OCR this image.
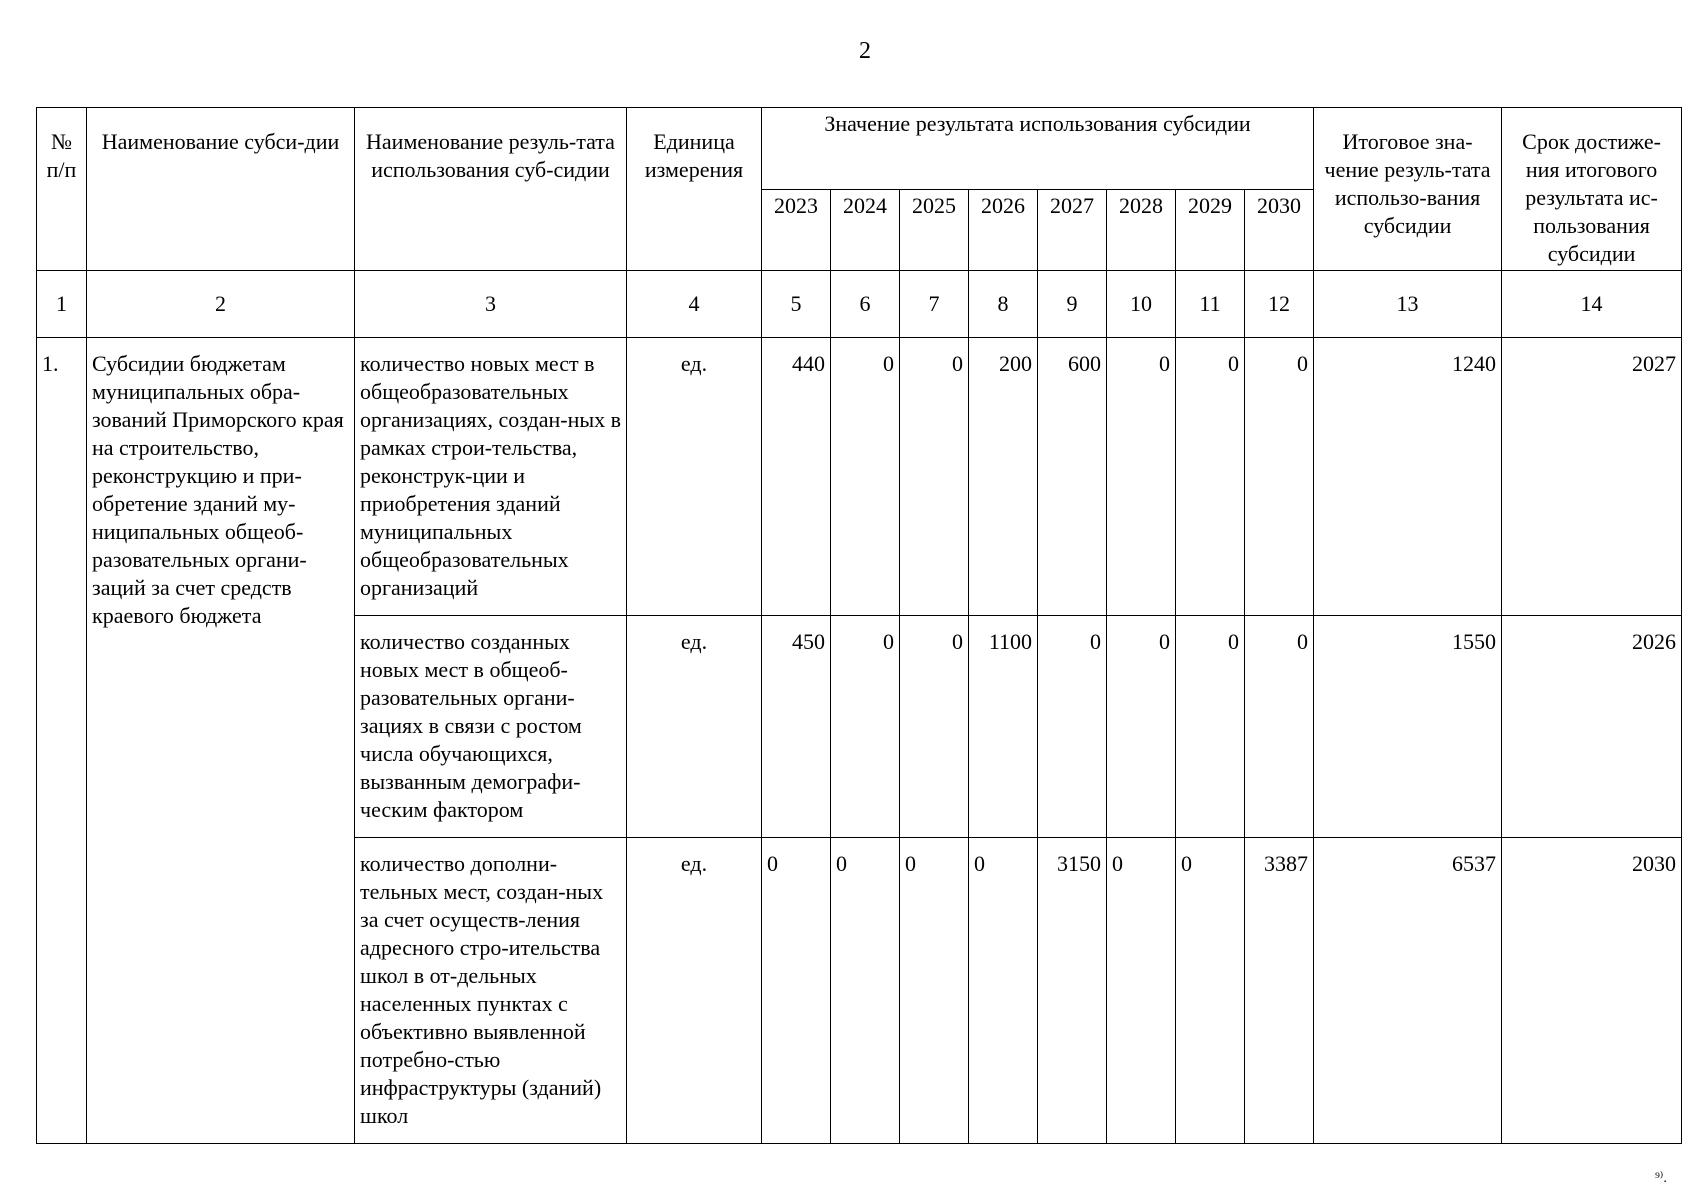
2
№ п/п	Наименование субси-дии	Наименование резуль-тата использования суб-сидии	Единица измерения	Значение результата использования субсидии								Итоговое зна-чение резуль-тата использо-вания субсидии	Срок достиже-ния итогового результата ис-пользования субсидии
				2023	2024	2025	2026	2027	2028	2029	2030		
1	2	3	4	5	6	7	8	9	10	11	12	13	14
1.	Субсидии бюджетам муниципальных обра-зований Приморского края на строительство, реконструкцию и при-обретение зданий му-ниципальных общеоб-разовательных органи-заций за счет средств краевого бюджета	количество новых мест в общеобразовательных организациях, создан-ных в рамках строи-тельства, реконструк-ции и приобретения зданий муниципальных общеобразовательных организаций	ед.	440	0	0	200	600	0	0	0	1240	2027
		количество созданных новых мест в общеоб-разовательных органи-зациях в связи с ростом числа обучающихся, вызванным демографи-ческим фактором	ед.	450	0	0	1100	0	0	0	0	1550	2026
		количество дополни-тельных мест, создан-ных за счет осуществ-ления адресного стро-ительства школ в от-дельных населенных пунктах с объективно выявленной потребно-стью инфраструктуры (зданий) школ	ед.	0	0	0	0	3150	0	0	3387	6537	2030
⁹⁾.
